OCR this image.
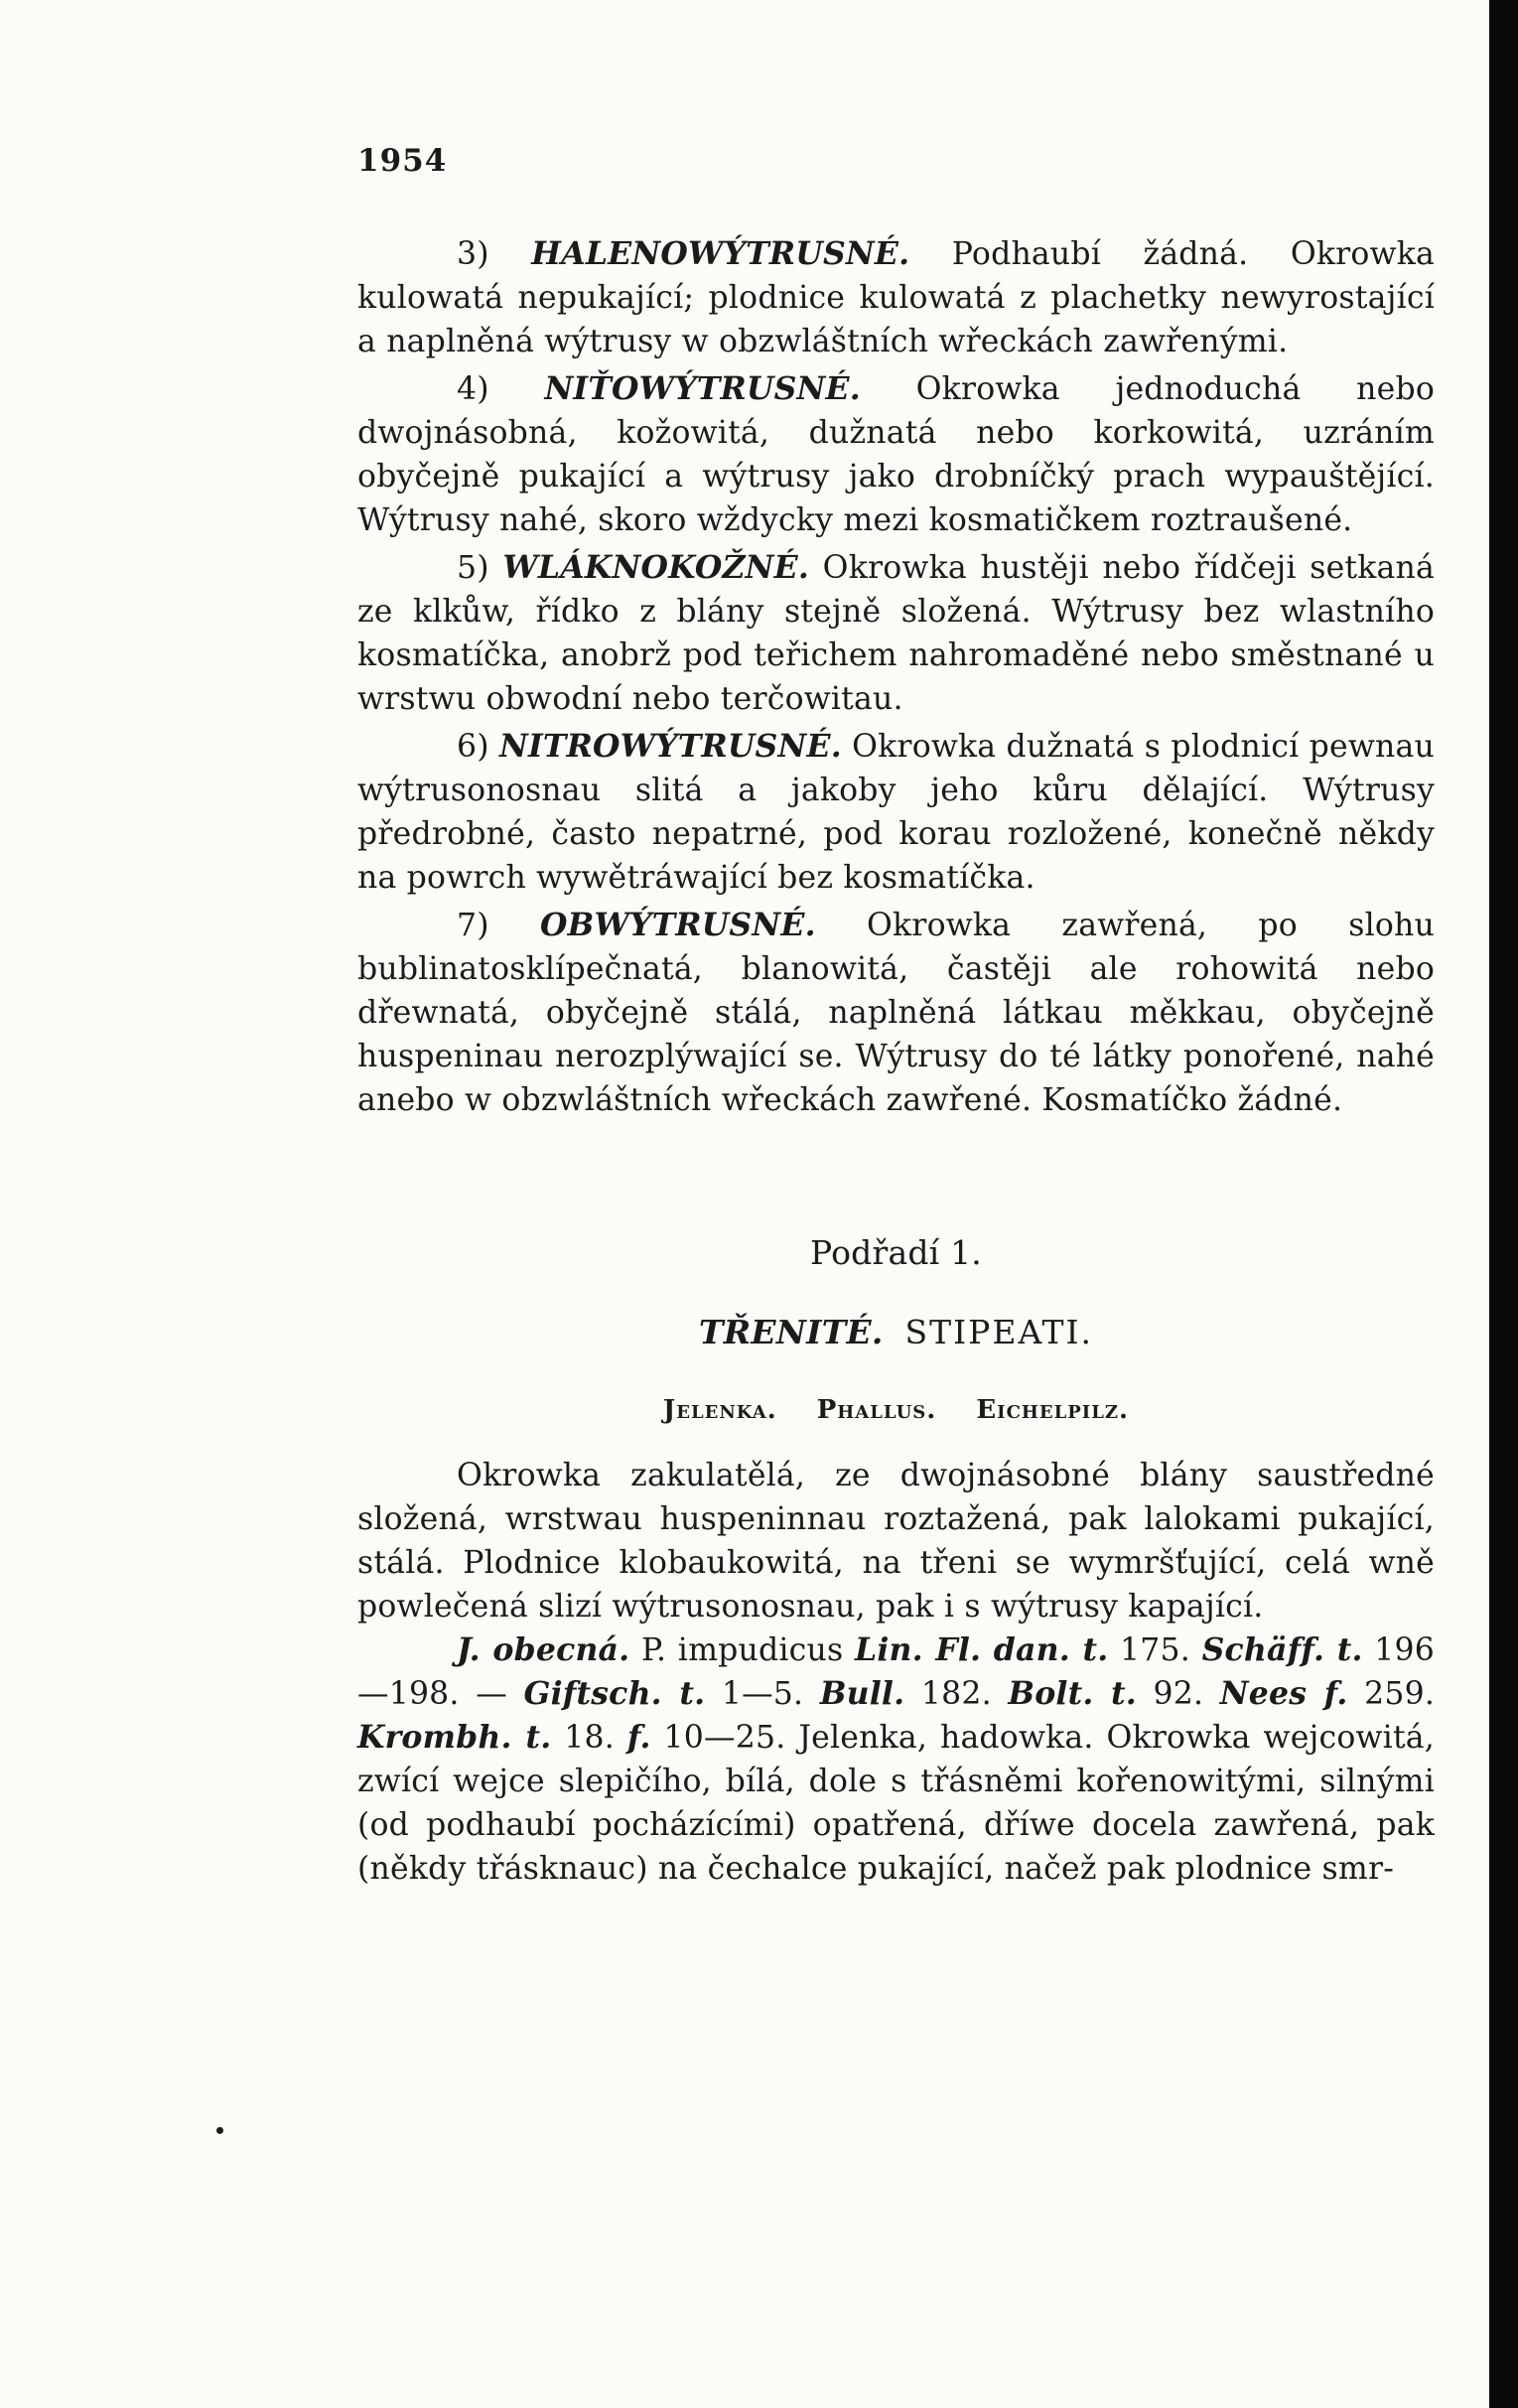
1954

3) HALENOWÝTRUSNÉ. Podhaubí žádná. Okrowka kulowatá nepukající; plodnice kulowatá z plachetky newyrostající a naplněná wýtrusy w obzwláštních wřeckách zawřenými.

4) NIŤOWÝTRUSNÉ. Okrowka jednoduchá nebo dwojnásobná, kožowitá, dužnatá nebo korkowitá, uzráním obyčejně pukající a wýtrusy jako drobníčký prach wypauštějící. Wýtrusy nahé, skoro wždycky mezi kosmatičkem roztraušené.

5) WLÁKNOKOŽNÉ. Okrowka hustěji nebo řídčeji setkaná ze klkůw, řídko z blány stejně složená. Wýtrusy bez wlastního kosmatíčka, anobrž pod teřichem nahromaděné nebo směstnané u wrstwu obwodní nebo terčowitau.

6) NITROWÝTRUSNÉ. Okrowka dužnatá s plodnicí pewnau wýtrusonosnau slitá a jakoby jeho kůru dělající. Wýtrusy předrobné, často nepatrné, pod korau rozložené, konečně někdy na powrch wywětráwající bez kosmatíčka.

7) OBWÝTRUSNÉ. Okrowka zawřená, po slohu bublinatosklípečnatá, blanowitá, častěji ale rohowitá nebo dřewnatá, obyčejně stálá, naplněná látkau měkkau, obyčejně huspeninau nerozplýwající se. Wýtrusy do té látky ponořené, nahé anebo w obzwláštních wřeckách zawřené. Kosmatíčko žádné.

Podřadí 1.
TŘENITÉ. STIPEATI.
Jelenka. Phallus. Eichelpilz.

Okrowka zakulatělá, ze dwojnásobné blány saustředné složená, wrstwau huspeninnau roztažená, pak lalokami pukající, stálá. Plodnice klobaukowitá, na třeni se wymršťující, celá wně powlečená slizí wýtrusonosnau, pak i s wýtrusy kapající.

J. obecná. P. impudicus Lin. Fl. dan. t. 175. Schäff. t. 196—198. — Giftsch. t. 1—5. Bull. 182. Bolt. t. 92. Nees f. 259. Krombh. t. 18. f. 10—25. Jelenka, hadowka. Okrowka wejcowitá, zwící wejce slepičího, bílá, dole s třásněmi kořenowitými, silnými (od podhaubí pocházícími) opatřená, dříwe docela zawřená, pak (někdy třásknauc) na čechalce pukající, načež pak plodnice smr-
